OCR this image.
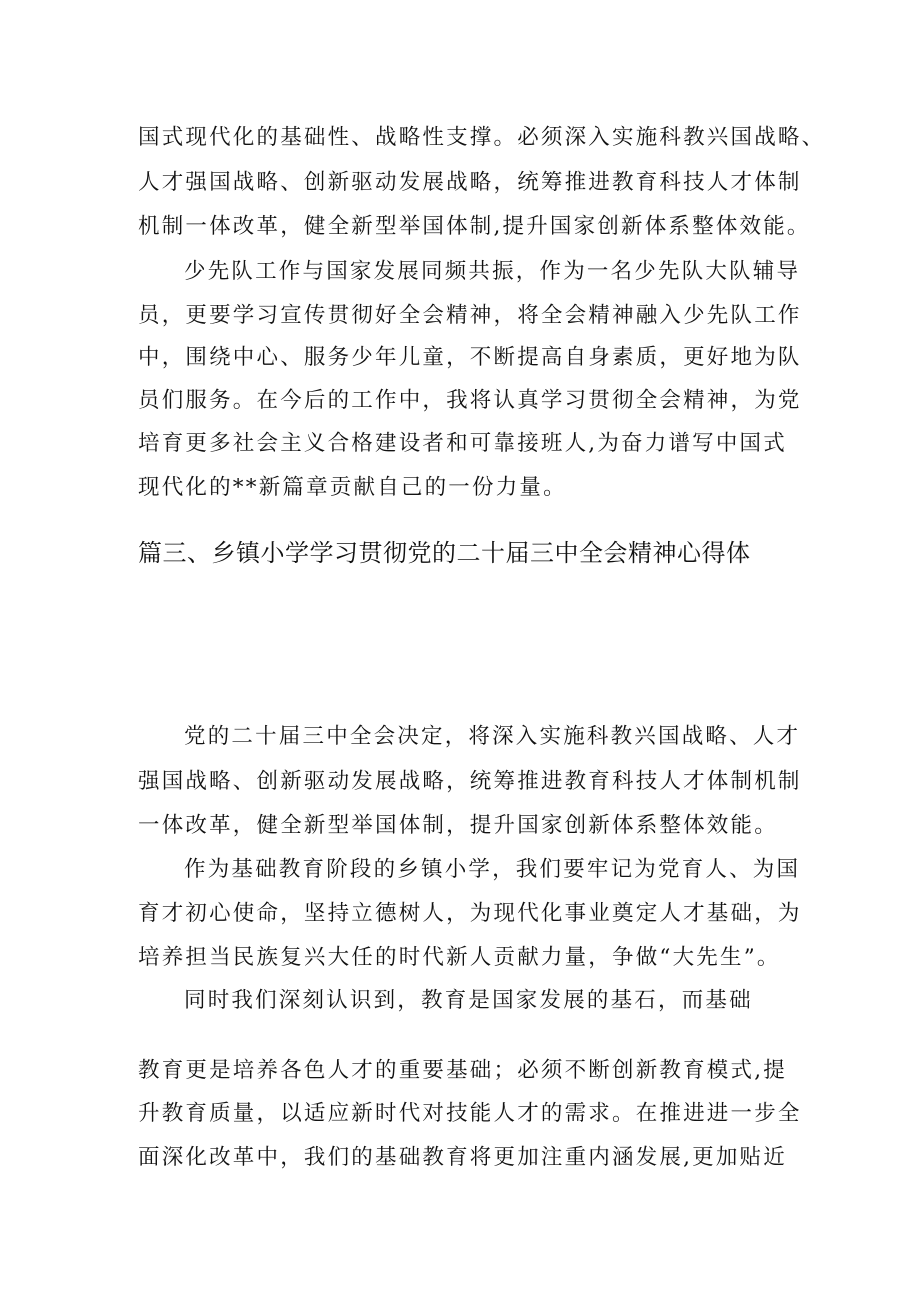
国式现代化的基础性、战略性支撑。必须深入实施科教兴国战略、
人才强国战略、创新驱动发展战略，统筹推进教育科技人才体制
机制一体改革，健全新型举国体制,提升国家创新体系整体效能。
少先队工作与国家发展同频共振，作为一名少先队大队辅导
员，更要学习宣传贯彻好全会精神，将全会精神融入少先队工作
中，围绕中心、服务少年儿童，不断提高自身素质，更好地为队
员们服务。在今后的工作中，我将认真学习贯彻全会精神，为党
培育更多社会主义合格建设者和可靠接班人,为奋力谱写中国式
现代化的**新篇章贡献自己的一份力量。
篇三、乡镇小学学习贯彻党的二十届三中全会精神心得体
党的二十届三中全会决定，将深入实施科教兴国战略、人才
强国战略、创新驱动发展战略，统筹推进教育科技人才体制机制
一体改革，健全新型举国体制，提升国家创新体系整体效能。
作为基础教育阶段的乡镇小学，我们要牢记为党育人、为国
育才初心使命，坚持立德树人，为现代化事业奠定人才基础，为
培养担当民族复兴大任的时代新人贡献力量，争做“大先生”。
同时我们深刻认识到，教育是国家发展的基石，而基础
教育更是培养各色人才的重要基础；必须不断创新教育模式,提
升教育质量，以适应新时代对技能人才的需求。在推进进一步全
面深化改革中，我们的基础教育将更加注重内涵发展,更加贴近
